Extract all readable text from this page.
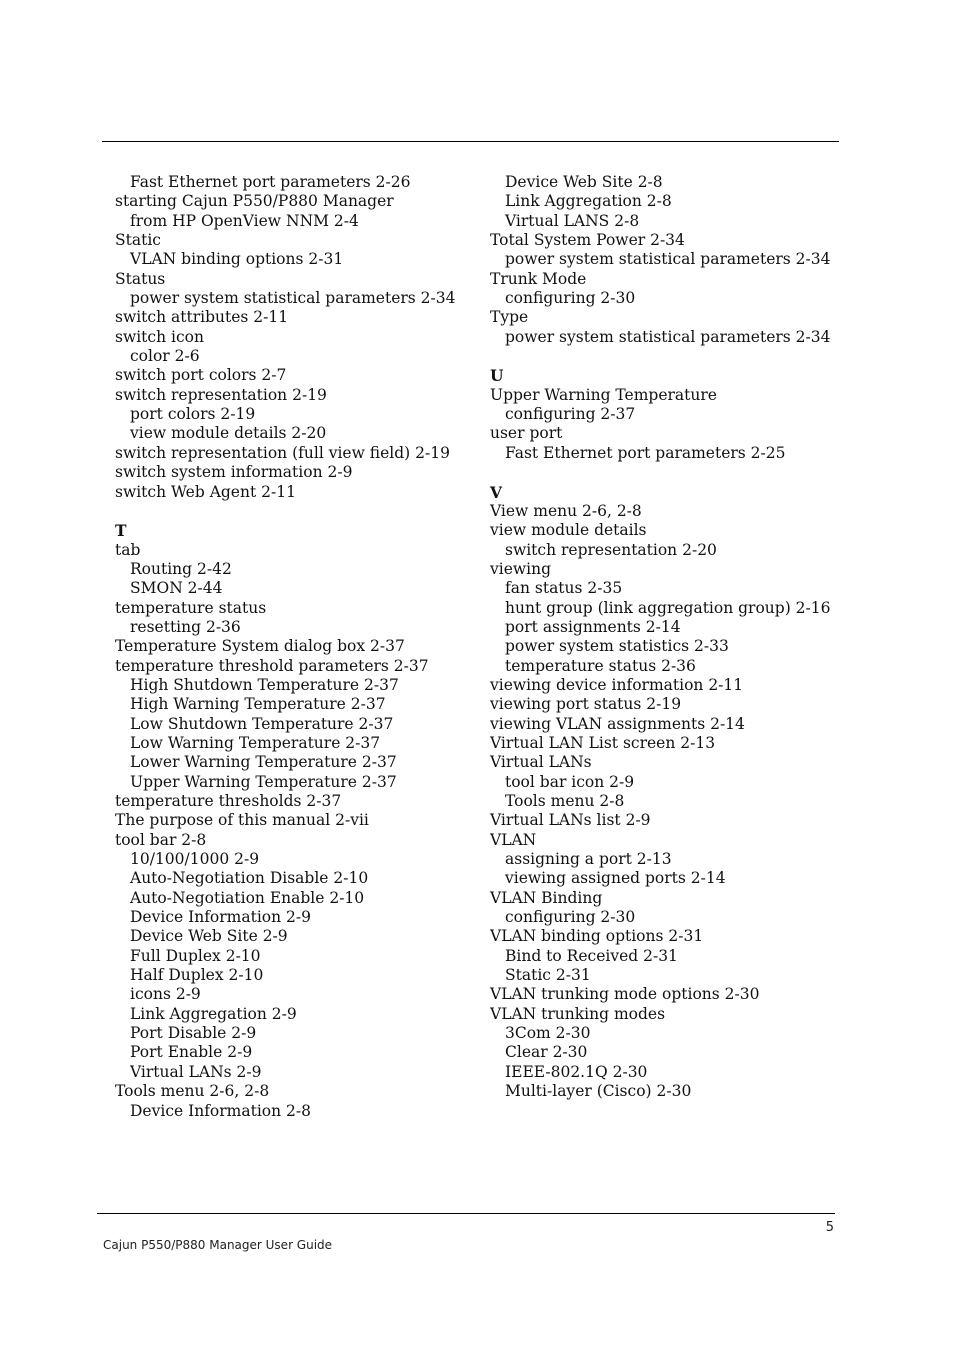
Fast Ethernet port parameters 2-26
starting Cajun P550/P880 Manager
from HP OpenView NNM 2-4
Static
VLAN binding options 2-31
Status
power system statistical parameters 2-34
switch attributes 2-11
switch icon
color 2-6
switch port colors 2-7
switch representation 2-19
port colors 2-19
view module details 2-20
switch representation (full view field) 2-19
switch system information 2-9
switch Web Agent 2-11
T
tab
Routing 2-42
SMON 2-44
temperature status
resetting 2-36
Temperature System dialog box 2-37
temperature threshold parameters 2-37
High Shutdown Temperature 2-37
High Warning Temperature 2-37
Low Shutdown Temperature 2-37
Low Warning Temperature 2-37
Lower Warning Temperature 2-37
Upper Warning Temperature 2-37
temperature thresholds 2-37
The purpose of this manual 2-vii
tool bar 2-8
10/100/1000 2-9
Auto-Negotiation Disable 2-10
Auto-Negotiation Enable 2-10
Device Information 2-9
Device Web Site 2-9
Full Duplex 2-10
Half Duplex 2-10
icons 2-9
Link Aggregation 2-9
Port Disable 2-9
Port Enable 2-9
Virtual LANs 2-9
Tools menu 2-6, 2-8
Device Information 2-8
Device Web Site 2-8
Link Aggregation 2-8
Virtual LANS 2-8
Total System Power 2-34
power system statistical parameters 2-34
Trunk Mode
configuring 2-30
Type
power system statistical parameters 2-34
U
Upper Warning Temperature
configuring 2-37
user port
Fast Ethernet port parameters 2-25
V
View menu 2-6, 2-8
view module details
switch representation 2-20
viewing
fan status 2-35
hunt group (link aggregation group) 2-16
port assignments 2-14
power system statistics 2-33
temperature status 2-36
viewing device information 2-11
viewing port status 2-19
viewing VLAN assignments 2-14
Virtual LAN List screen 2-13
Virtual LANs
tool bar icon 2-9
Tools menu 2-8
Virtual LANs list 2-9
VLAN
assigning a port 2-13
viewing assigned ports 2-14
VLAN Binding
configuring 2-30
VLAN binding options 2-31
Bind to Received 2-31
Static 2-31
VLAN trunking mode options 2-30
VLAN trunking modes
3Com 2-30
Clear 2-30
IEEE-802.1Q 2-30
Multi-layer (Cisco) 2-30
5
Cajun P550/P880 Manager User Guide
